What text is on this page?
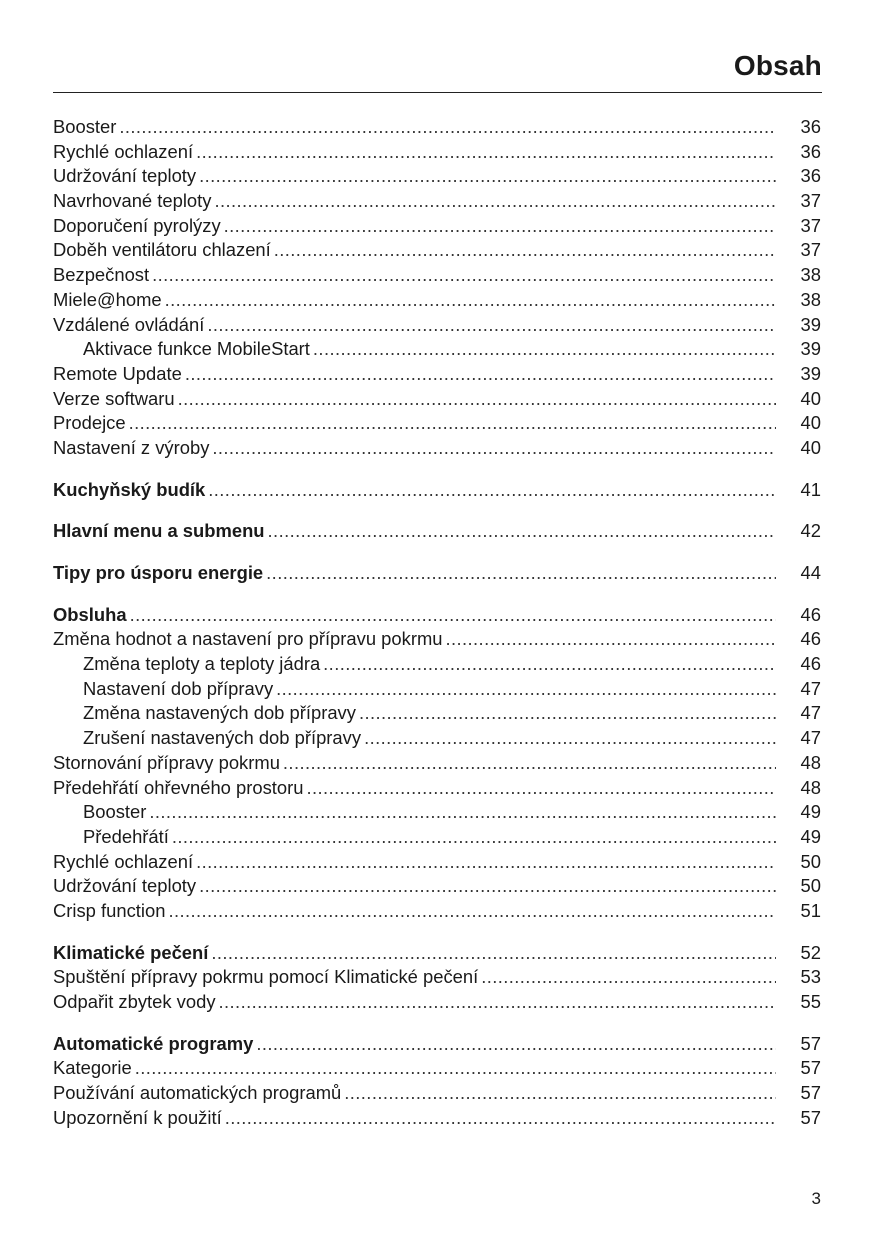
Obsah
Booster .....	36
Rychlé ochlazení .....	36
Udržování teploty .....	36
Navrhované teploty .....	37
Doporučení pyrolýzy .....	37
Doběh ventilátoru chlazení .....	37
Bezpečnost .....	38
Miele@home .....	38
Vzdálené ovládání .....	39
Aktivace funkce MobileStart .....	39
Remote Update .....	39
Verze softwaru .....	40
Prodejce .....	40
Nastavení z výroby .....	40
Kuchyňský budík .....	41
Hlavní menu a submenu .....	42
Tipy pro úsporu energie .....	44
Obsluha .....	46
Změna hodnot a nastavení pro přípravu pokrmu .....	46
Změna teploty a teploty jádra .....	46
Nastavení dob přípravy .....	47
Změna nastavených dob přípravy .....	47
Zrušení nastavených dob přípravy .....	47
Stornování přípravy pokrmu .....	48
Předehřátí ohřevného prostoru .....	48
Booster .....	49
Předehřátí .....	49
Rychlé ochlazení .....	50
Udržování teploty .....	50
Crisp function .....	51
Klimatické pečení .....	52
Spuštění přípravy pokrmu pomocí Klimatické pečení .....	53
Odpařit zbytek vody .....	55
Automatické programy .....	57
Kategorie .....	57
Používání automatických programů .....	57
Upozornění k použití .....	57
3
